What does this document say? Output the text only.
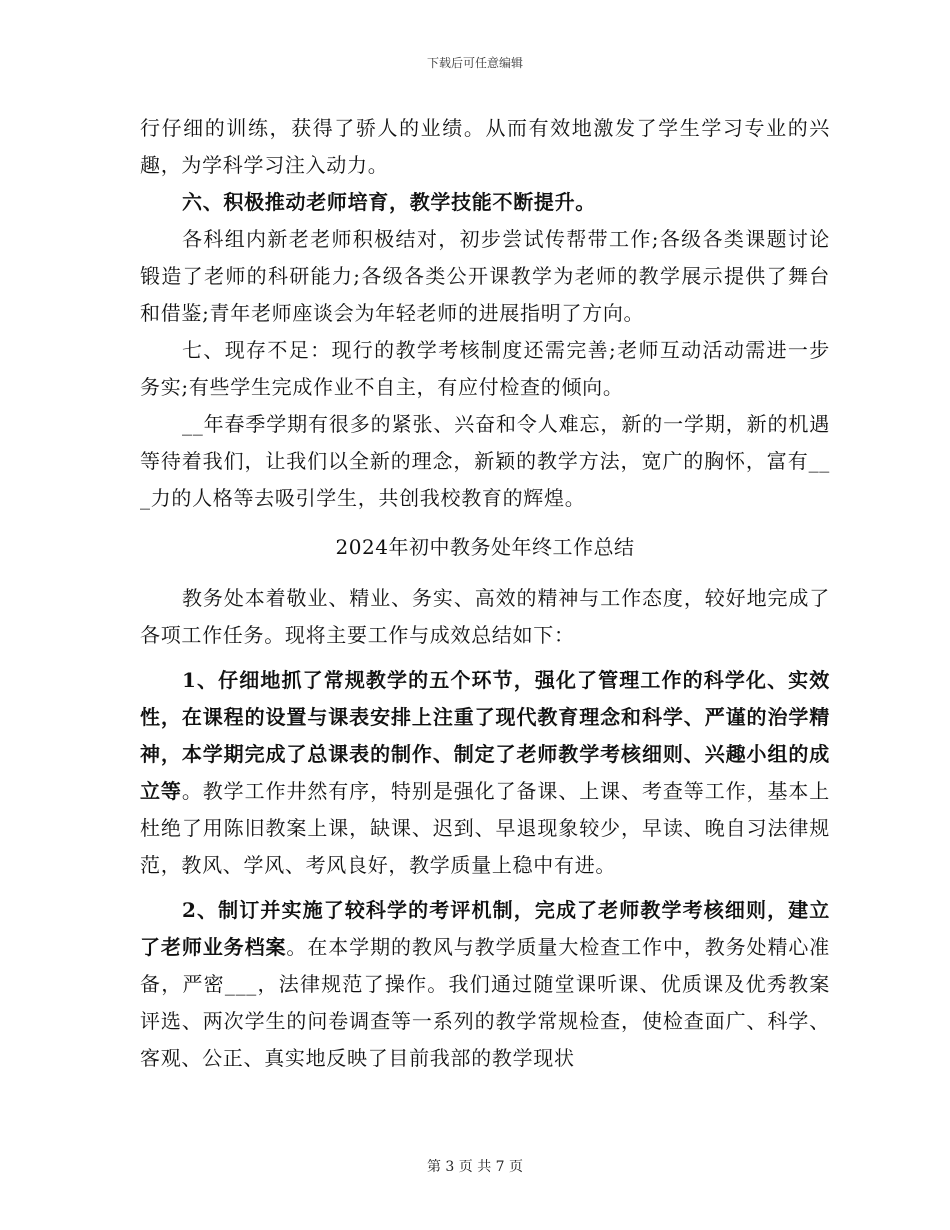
下载后可任意编辑

行仔细的训练，获得了骄人的业绩。从而有效地激发了学生学习专业的兴趣，为学科学习注入动力。

六、积极推动老师培育，教学技能不断提升。

各科组内新老老师积极结对，初步尝试传帮带工作;各级各类课题讨论锻造了老师的科研能力;各级各类公开课教学为老师的教学展示提供了舞台和借鉴;青年老师座谈会为年轻老师的进展指明了方向。

七、现存不足：现行的教学考核制度还需完善;老师互动活动需进一步务实;有些学生完成作业不自主，有应付检查的倾向。

__年春季学期有很多的紧张、兴奋和令人难忘，新的一学期，新的机遇等待着我们，让我们以全新的理念，新颖的教学方法，宽广的胸怀，富有___力的人格等去吸引学生，共创我校教育的辉煌。

2024年初中教务处年终工作总结

教务处本着敬业、精业、务实、高效的精神与工作态度，较好地完成了各项工作任务。现将主要工作与成效总结如下：

1、仔细地抓了常规教学的五个环节，强化了管理工作的科学化、实效性，在课程的设置与课表安排上注重了现代教育理念和科学、严谨的治学精神，本学期完成了总课表的制作、制定了老师教学考核细则、兴趣小组的成立等。教学工作井然有序，特别是强化了备课、上课、考查等工作，基本上杜绝了用陈旧教案上课，缺课、迟到、早退现象较少，早读、晚自习法律规范，教风、学风、考风良好，教学质量上稳中有进。

2、制订并实施了较科学的考评机制，完成了老师教学考核细则，建立了老师业务档案。在本学期的教风与教学质量大检查工作中，教务处精心准备，严密___，法律规范了操作。我们通过随堂课听课、优质课及优秀教案评选、两次学生的问卷调查等一系列的教学常规检查，使检查面广、科学、客观、公正、真实地反映了目前我部的教学现状

第 3 页 共 7 页
